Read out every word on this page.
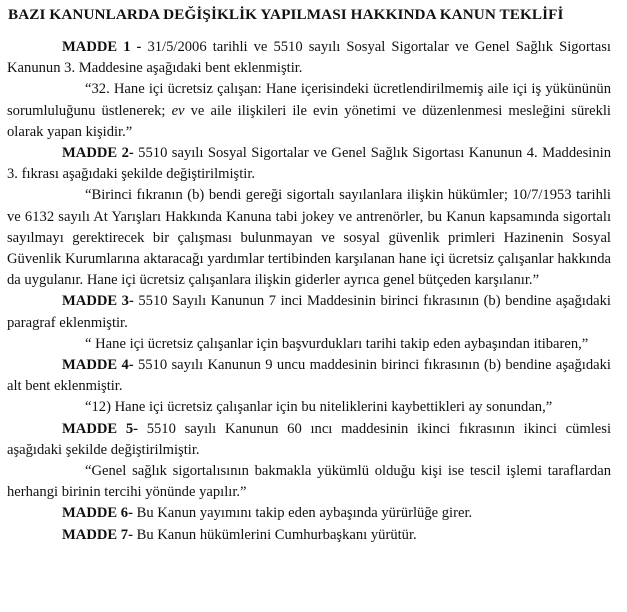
BAZI KANUNLARDA DEĞİŞİKLİK YAPILMASI HAKKINDA KANUN TEKLİFİ

MADDE 1 - 31/5/2006 tarihli ve 5510 sayılı Sosyal Sigortalar ve Genel Sağlık Sigortası Kanunun 3. Maddesine aşağıdaki bent eklenmiştir.

“32. Hane içi ücretsiz çalışan: Hane içerisindeki ücretlendirilmemiş aile içi iş yükününün sorumluluğunu üstlenerek; ev ve aile ilişkileri ile evin yönetimi ve düzenlenmesi mesleğini sürekli olarak yapan kişidir.”

MADDE 2- 5510 sayılı Sosyal Sigortalar ve Genel Sağlık Sigortası Kanunun 4. Maddesinin 3. fıkrası aşağıdaki şekilde değiştirilmiştir.

“Birinci fıkranın (b) bendi gereği sigortalı sayılanlara ilişkin hükümler; 10/7/1953 tarihli ve 6132 sayılı At Yarışları Hakkında Kanuna tabi jokey ve antrenörler, bu Kanun kapsamında sigortalı sayılmayı gerektirecek bir çalışması bulunmayan ve sosyal güvenlik primleri Hazinenin Sosyal Güvenlik Kurumlarına aktaracağı yardımlar tertibinden karşılanan hane içi ücretsiz çalışanlar hakkında da uygulanır. Hane içi ücretsiz çalışanlara ilişkin giderler ayrıca genel bütçeden karşılanır.”

MADDE 3- 5510 Sayılı Kanunun 7 inci Maddesinin birinci fıkrasının (b) bendine aşağıdaki paragraf eklenmiştir.

“ Hane içi ücretsiz çalışanlar için başvurdukları tarihi takip eden aybaşından itibaren,”

MADDE 4- 5510 sayılı Kanunun 9 uncu maddesinin birinci fıkrasının (b) bendine aşağıdaki alt bent eklenmiştir.

“12) Hane içi ücretsiz çalışanlar için bu niteliklerini kaybettikleri ay sonundan,”

MADDE 5- 5510 sayılı Kanunun 60 ıncı maddesinin ikinci fıkrasının ikinci cümlesi aşağıdaki şekilde değiştirilmiştir.

“Genel sağlık sigortalısının bakmakla yükümlü olduğu kişi ise tescil işlemi taraflardan herhangi birinin tercihi yönünde yapılır.”

MADDE 6- Bu Kanun yayımını takip eden aybaşında yürürlüğe girer.

MADDE 7- Bu Kanun hükümlerini Cumhurbaşkanı yürütür.
